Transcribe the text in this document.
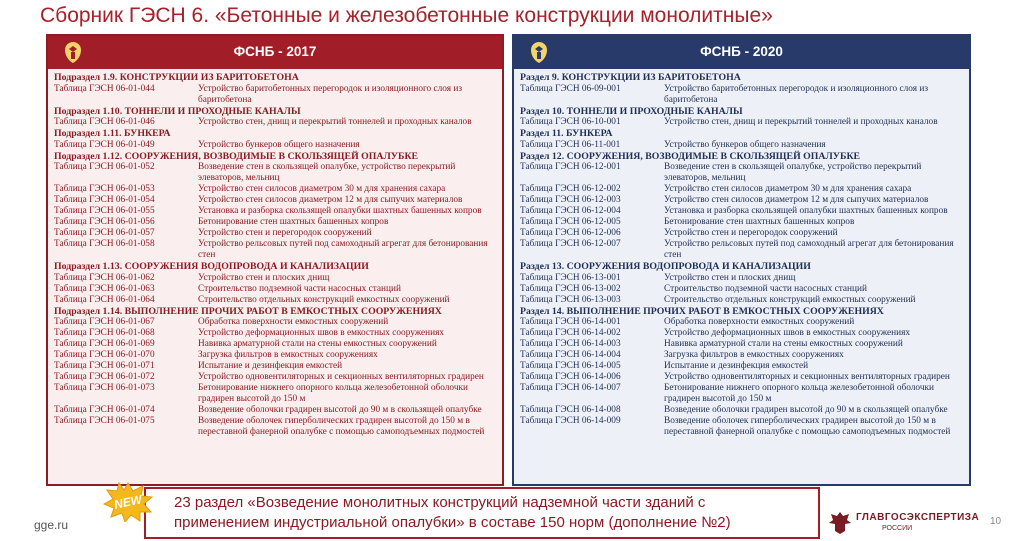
Сборник ГЭСН 6. «Бетонные и железобетонные конструкции монолитные»
ФСНБ - 2017
Подраздел 1.9. КОНСТРУКЦИИ ИЗ БАРИТОБЕТОНА
Таблица ГЭСН 06-01-044	Устройство баритобетонных перегородок и изоляционного слоя из баритобетона
Подраздел 1.10. ТОННЕЛИ И ПРОХОДНЫЕ КАНАЛЫ
Таблица ГЭСН 06-01-046	Устройство стен, днищ и перекрытий тоннелей и проходных каналов
Подраздел 1.11. БУНКЕРА
Таблица ГЭСН 06-01-049	Устройство бункеров общего назначения
Подраздел 1.12. СООРУЖЕНИЯ, ВОЗВОДИМЫЕ В СКОЛЬЗЯЩЕЙ ОПАЛУБКЕ
Таблица ГЭСН 06-01-052	Возведение стен в скользящей опалубке, устройство перекрытий элеваторов, мельниц
Таблица ГЭСН 06-01-053	Устройство стен силосов диаметром 30 м для хранения сахара
Таблица ГЭСН 06-01-054	Устройство стен силосов диаметром 12 м для сыпучих материалов
Таблица ГЭСН 06-01-055	Установка и разборка скользящей опалубки шахтных башенных копров
Таблица ГЭСН 06-01-056	Бетонирование стен шахтных башенных копров
Таблица ГЭСН 06-01-057	Устройство стен и перегородок сооружений
Таблица ГЭСН 06-01-058	Устройство рельсовых путей под самоходный агрегат для бетонирования стен
Подраздел 1.13. СООРУЖЕНИЯ ВОДОПРОВОДА И КАНАЛИЗАЦИИ
Таблица ГЭСН 06-01-062	Устройство стен и плоских днищ
Таблица ГЭСН 06-01-063	Строительство подземной части насосных станций
Таблица ГЭСН 06-01-064	Строительство отдельных конструкций емкостных сооружений
Подраздел 1.14. ВЫПОЛНЕНИЕ ПРОЧИХ РАБОТ В ЕМКОСТНЫХ СООРУЖЕНИЯХ
Таблица ГЭСН 06-01-067	Обработка поверхности емкостных сооружений
Таблица ГЭСН 06-01-068	Устройство деформационных швов в емкостных сооружениях
Таблица ГЭСН 06-01-069	Навивка арматурной стали на стены емкостных сооружений
Таблица ГЭСН 06-01-070	Загрузка фильтров в емкостных сооружениях
Таблица ГЭСН 06-01-071	Испытание и дезинфекция емкостей
Таблица ГЭСН 06-01-072	Устройство одновентиляторных и секционных вентиляторных градирен
Таблица ГЭСН 06-01-073	Бетонирование нижнего опорного кольца железобетонной оболочки градирен высотой до 150 м
Таблица ГЭСН 06-01-074	Возведение оболочки градирен высотой до 90 м в скользящей опалубке
Таблица ГЭСН 06-01-075	Возведение оболочек гиперболических градирен высотой до 150 м в переставной фанерной опалубке с помощью самоподъемных подмостей
ФСНБ - 2020
Раздел 9. КОНСТРУКЦИИ ИЗ БАРИТОБЕТОНА
Таблица ГЭСН 06-09-001	Устройство баритобетонных перегородок и изоляционного слоя из баритобетона
Раздел 10. ТОННЕЛИ И ПРОХОДНЫЕ КАНАЛЫ
Таблица ГЭСН 06-10-001	Устройство стен, днищ и перекрытий тоннелей и проходных каналов
Раздел 11. БУНКЕРА
Таблица ГЭСН 06-11-001	Устройство бункеров общего назначения
Раздел 12. СООРУЖЕНИЯ, ВОЗВОДИМЫЕ В СКОЛЬЗЯЩЕЙ ОПАЛУБКЕ
Таблица ГЭСН 06-12-001	Возведение стен в скользящей опалубке, устройство перекрытий элеваторов, мельниц
Таблица ГЭСН 06-12-002	Устройство стен силосов диаметром 30 м для хранения сахара
Таблица ГЭСН 06-12-003	Устройство стен силосов диаметром 12 м для сыпучих материалов
Таблица ГЭСН 06-12-004	Установка и разборка скользящей опалубки шахтных башенных копров
Таблица ГЭСН 06-12-005	Бетонирование стен шахтных башенных копров
Таблица ГЭСН 06-12-006	Устройство стен и перегородок сооружений
Таблица ГЭСН 06-12-007	Устройство рельсовых путей под самоходный агрегат для бетонирования стен
Раздел 13. СООРУЖЕНИЯ ВОДОПРОВОДА И КАНАЛИЗАЦИИ
Таблица ГЭСН 06-13-001	Устройство стен и плоских днищ
Таблица ГЭСН 06-13-002	Строительство подземной части насосных станций
Таблица ГЭСН 06-13-003	Строительство отдельных конструкций емкостных сооружений
Раздел 14. ВЫПОЛНЕНИЕ ПРОЧИХ РАБОТ В ЕМКОСТНЫХ СООРУЖЕНИЯХ
Таблица ГЭСН 06-14-001	Обработка поверхности емкостных сооружений
Таблица ГЭСН 06-14-002	Устройство деформационных швов в емкостных сооружениях
Таблица ГЭСН 06-14-003	Навивка арматурной стали на стены емкостных сооружений
Таблица ГЭСН 06-14-004	Загрузка фильтров в емкостных сооружениях
Таблица ГЭСН 06-14-005	Испытание и дезинфекция емкостей
Таблица ГЭСН 06-14-006	Устройство одновентиляторных и секционных вентиляторных градирен
Таблица ГЭСН 06-14-007	Бетонирование нижнего опорного кольца железобетонной оболочки градирен высотой до 150 м
Таблица ГЭСН 06-14-008	Возведение оболочки градирен высотой до 90 м в скользящей опалубке
Таблица ГЭСН 06-14-009	Возведение оболочек гиперболических градирен высотой до 150 м в переставной фанерной опалубке с помощью самоподъемных подмостей
23 раздел «Возведение монолитных конструкций надземной части зданий с
применением индустриальной опалубки» в составе 150 норм (дополнение №2)
NEW
gge.ru
ГЛАВГОСЭКСПЕРТИЗА
РОССИИ
10
